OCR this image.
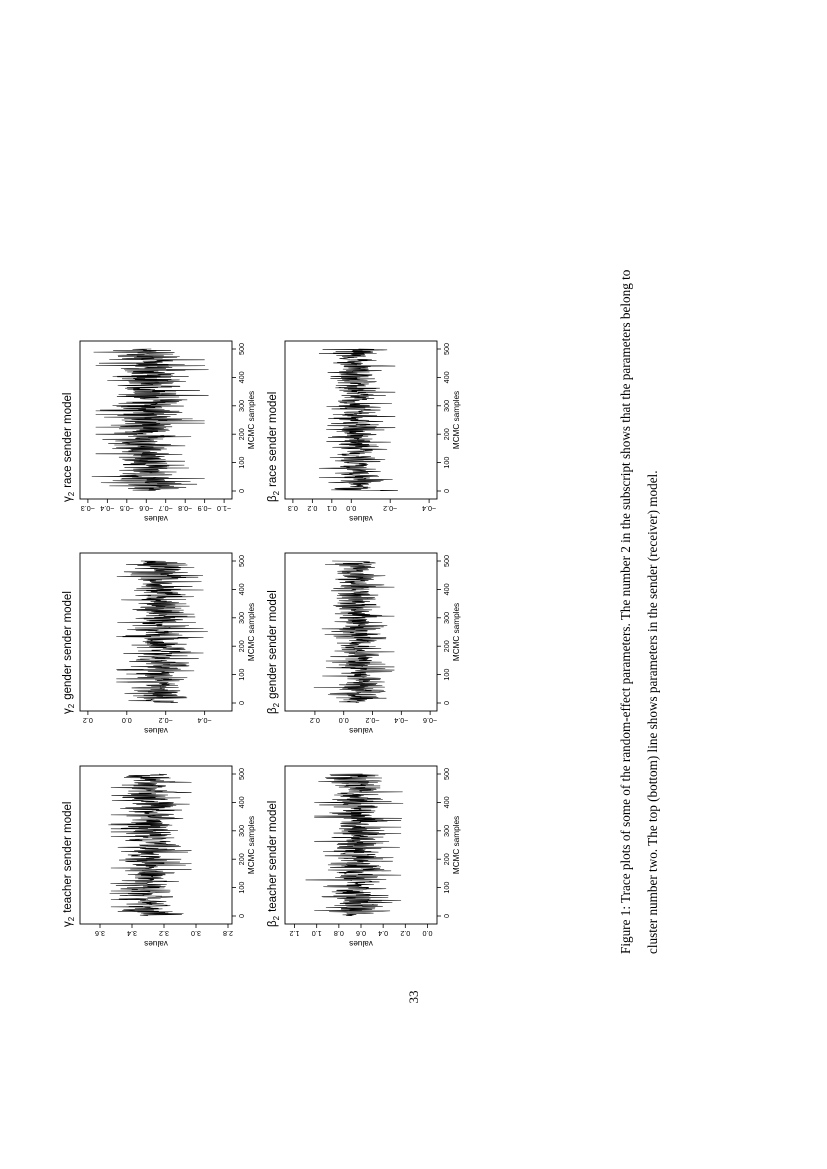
$\gamma_2teacher$ sender model
0
100
200
300
400
500
MCMC samples
2.8
3.0
3.2
3.4
3.6
values
$\gamma_2gender$ sender model
0
100
200
300
400
500
MCMC samples
−0.4
−0.2
0.0
0.2
values
$\gamma_2race$ sender model
0
100
200
300
400
500
MCMC samples
−1.0
−0.9
−0.8
−0.7
−0.6
−0.5
−0.4
−0.3
values
$\beta_2teacher$ sender model
0
100
200
300
400
500
MCMC samples
0.0
0.2
0.4
0.6
0.8
1.0
1.2
values
$\beta_2gender$ sender model
0
100
200
300
400
500
MCMC samples
−0.6
−0.4
−0.2
0.0
0.2
values
$\beta_2race$ sender model
0
100
200
300
400
500
MCMC samples
−0.4
−0.2
0.0
0.1
0.2
0.3
values	Figure 1: Trace plots of some of the random-effect parameters. The number 2 in the subscript shows that the parameters belong to cluster number two. The top (bottom) line shows parameters in the sender (receiver) model.
33
